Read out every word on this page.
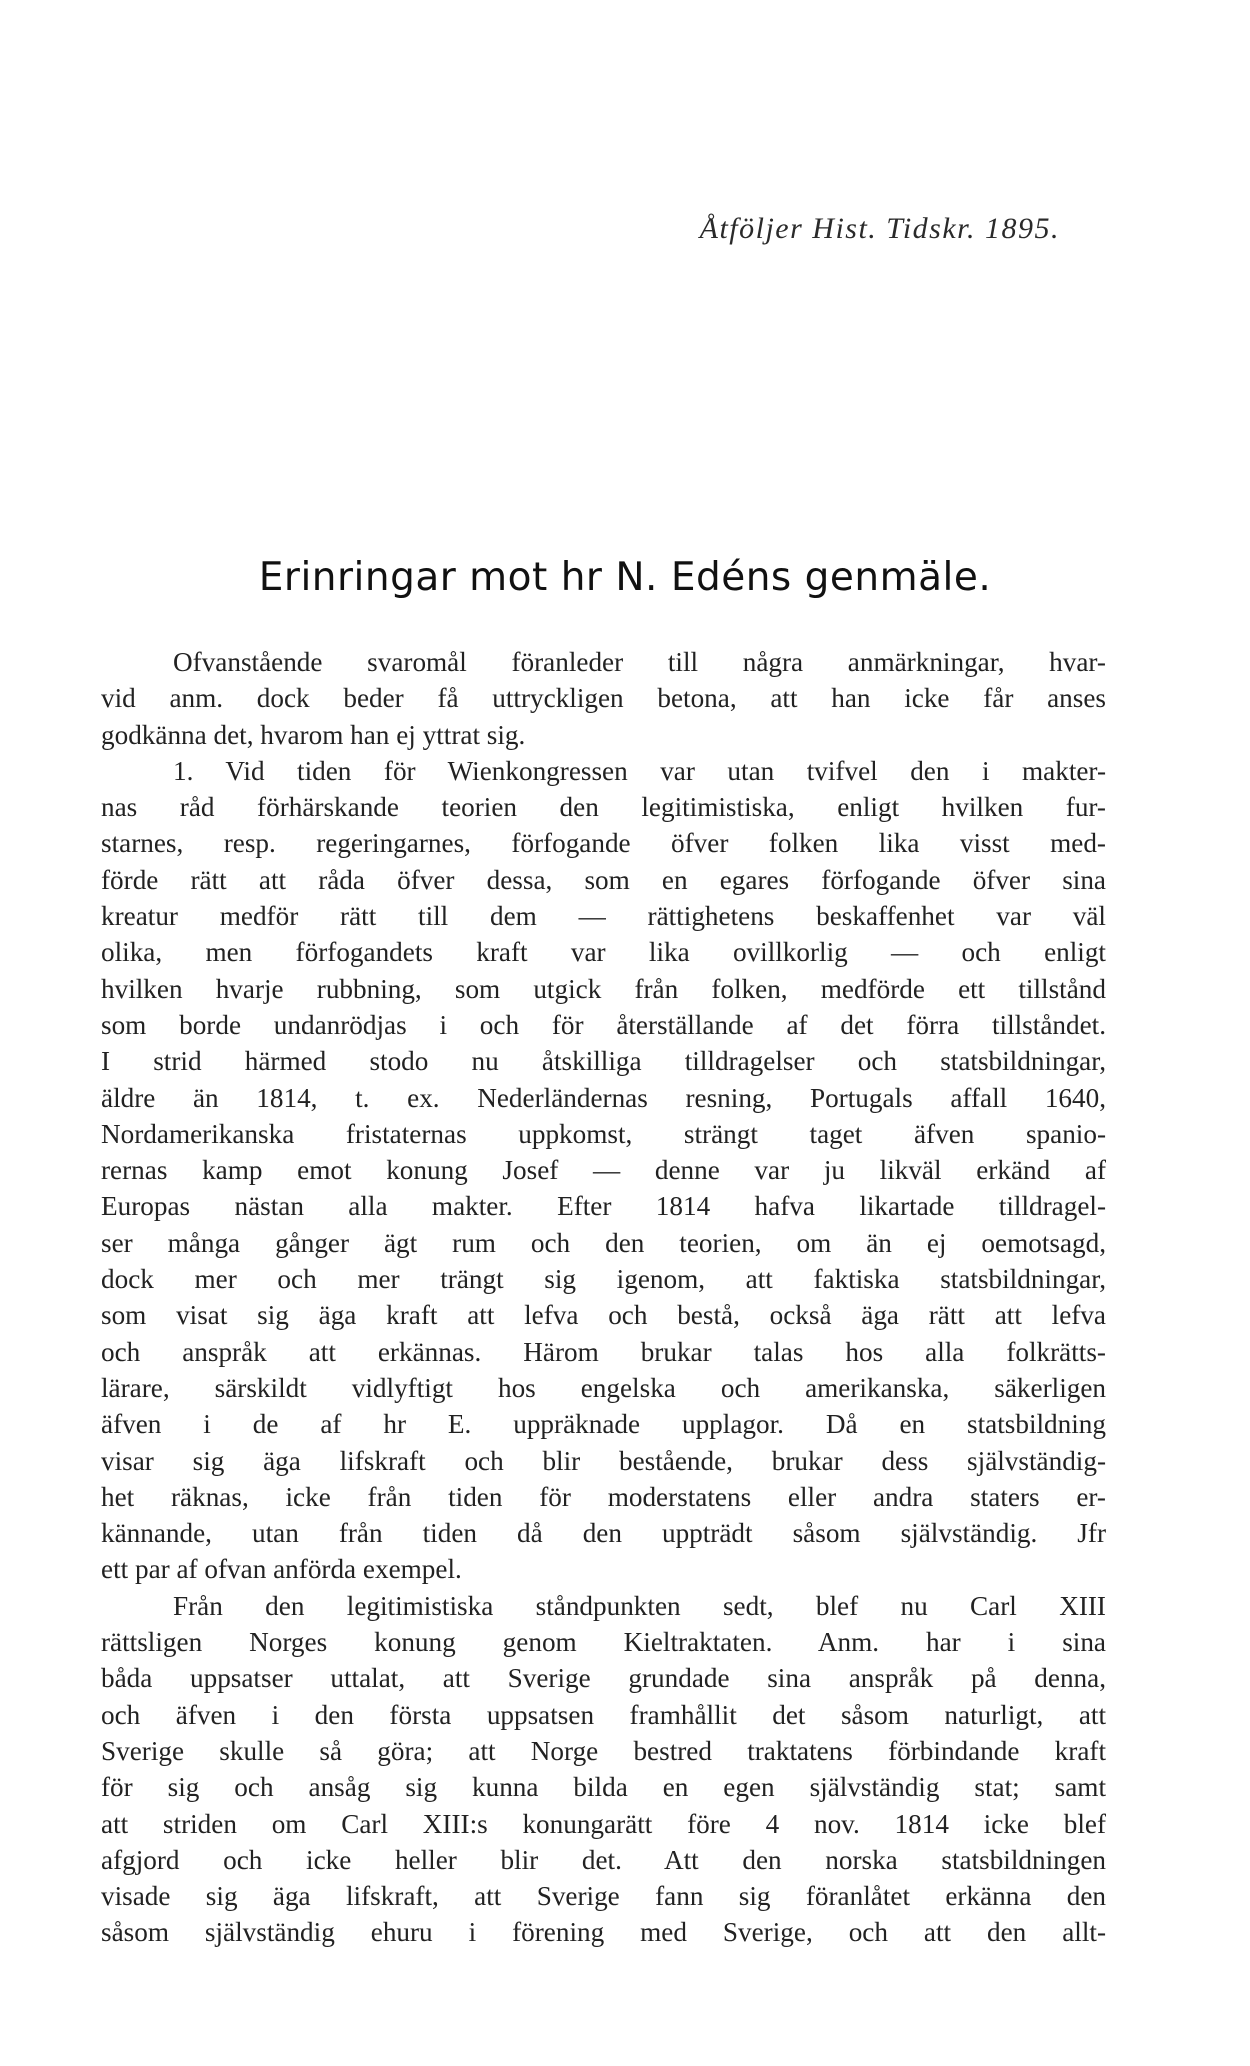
Åtföljer Hist. Tidskr. 1895.
Erinringar mot hr N. Edéns genmäle.
Ofvanstående svaromål föranleder till några anmärkningar, hvar-
vid anm. dock beder få uttryckligen betona, att han icke får anses
godkänna det, hvarom han ej yttrat sig.
1. Vid tiden för Wienkongressen var utan tvifvel den i makter-
nas råd förhärskande teorien den legitimistiska, enligt hvilken fur-
starnes, resp. regeringarnes, förfogande öfver folken lika visst med-
förde rätt att råda öfver dessa, som en egares förfogande öfver sina
kreatur medför rätt till dem — rättighetens beskaffenhet var väl
olika, men förfogandets kraft var lika ovillkorlig — och enligt
hvilken hvarje rubbning, som utgick från folken, medförde ett tillstånd
som borde undanrödjas i och för återställande af det förra tillståndet.
I strid härmed stodo nu åtskilliga tilldragelser och statsbildningar,
äldre än 1814, t. ex. Nederländernas resning, Portugals affall 1640,
Nordamerikanska fristaternas uppkomst, strängt taget äfven spanio-
rernas kamp emot konung Josef — denne var ju likväl erkänd af
Europas nästan alla makter. Efter 1814 hafva likartade tilldragel-
ser många gånger ägt rum och den teorien, om än ej oemotsagd,
dock mer och mer trängt sig igenom, att faktiska statsbildningar,
som visat sig äga kraft att lefva och bestå, också äga rätt att lefva
och anspråk att erkännas. Härom brukar talas hos alla folkrätts-
lärare, särskildt vidlyftigt hos engelska och amerikanska, säkerligen
äfven i de af hr E. uppräknade upplagor. Då en statsbildning
visar sig äga lifskraft och blir bestående, brukar dess självständig-
het räknas, icke från tiden för moderstatens eller andra staters er-
kännande, utan från tiden då den uppträdt såsom självständig. Jfr
ett par af ofvan anförda exempel.
Från den legitimistiska ståndpunkten sedt, blef nu Carl XIII
rättsligen Norges konung genom Kieltraktaten. Anm. har i sina
båda uppsatser uttalat, att Sverige grundade sina anspråk på denna,
och äfven i den första uppsatsen framhållit det såsom naturligt, att
Sverige skulle så göra; att Norge bestred traktatens förbindande kraft
för sig och ansåg sig kunna bilda en egen självständig stat; samt
att striden om Carl XIII:s konungarätt före 4 nov. 1814 icke blef
afgjord och icke heller blir det. Att den norska statsbildningen
visade sig äga lifskraft, att Sverige fann sig föranlåtet erkänna den
såsom självständig ehuru i förening med Sverige, och att den allt-
